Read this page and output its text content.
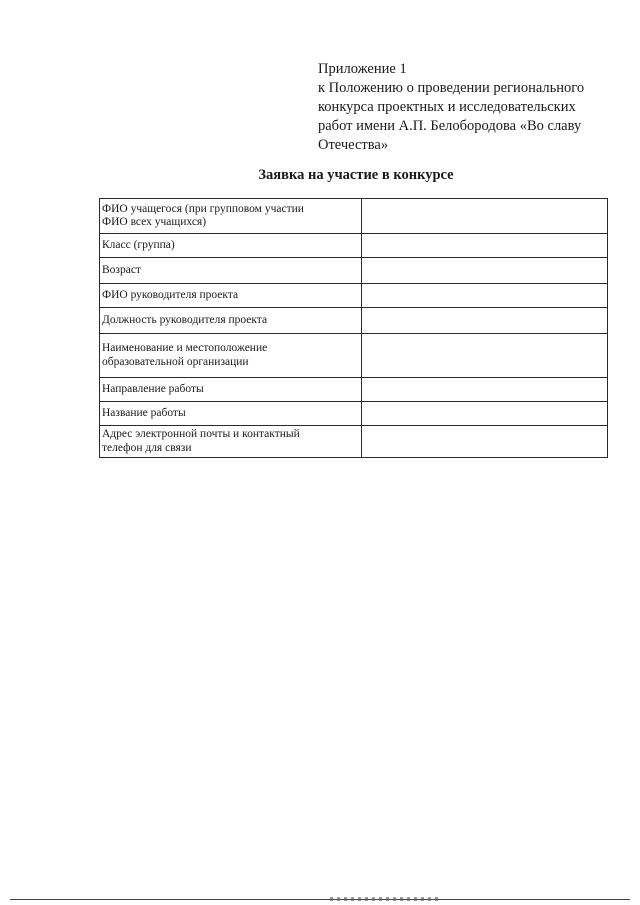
Приложение 1
к Положению о проведении регионального
конкурса проектных и исследовательских
работ имени А.П. Белобородова «Во славу
Отечества»
Заявка на участие в конкурсе
ФИО учащегося (при групповом участии
ФИО всех учащихся)	
Класс (группа)	
Возраст	
ФИО руководителя проекта	
Должность руководителя проекта	
Наименование и местоположение
образовательной организации	
Направление работы	
Название работы	
Адрес электронной почты и контактный
телефон для связи	
